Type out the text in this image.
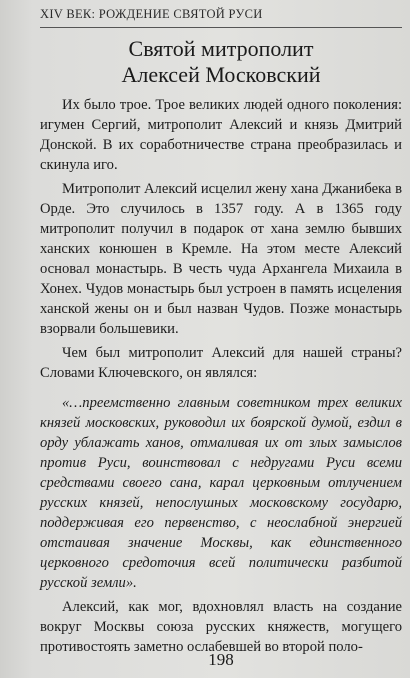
XIV ВЕК: РОЖДЕНИЕ СВЯТОЙ РУСИ
Святой митрополит
Алексей Московский

Их было трое. Трое великих людей одного поколения: игумен Сергий, митрополит Алексий и князь Дмитрий Донской. В их соработничестве страна преобразилась и скинула иго.

Митрополит Алексий исцелил жену хана Джанибека в Орде. Это случилось в 1357 году. А в 1365 году митрополит получил в подарок от хана землю бывших ханских конюшен в Кремле. На этом месте Алексий основал монастырь. В честь чуда Архангела Михаила в Хонех. Чудов монастырь был устроен в память исцеления ханской жены он и был назван Чудов. Позже монастырь взорвали большевики.

Чем был митрополит Алексий для нашей страны? Словами Ключевского, он являлся:

«…преемственно главным советником трех великих князей московских, руководил их боярской думой, ездил в орду ублажать ханов, отмаливая их от злых замыслов против Руси, воинствовал с недругами Руси всеми средствами своего сана, карал церковным отлучением русских князей, непослушных московскому государю, поддерживая его первенство, с неослабной энергией отстаивая значение Москвы, как единственного церковного средоточия всей политически разбитой русской земли».

Алексий, как мог, вдохновлял власть на создание вокруг Москвы союза русских княжеств, могущего противостоять заметно ослабевшей во второй поло-

198
